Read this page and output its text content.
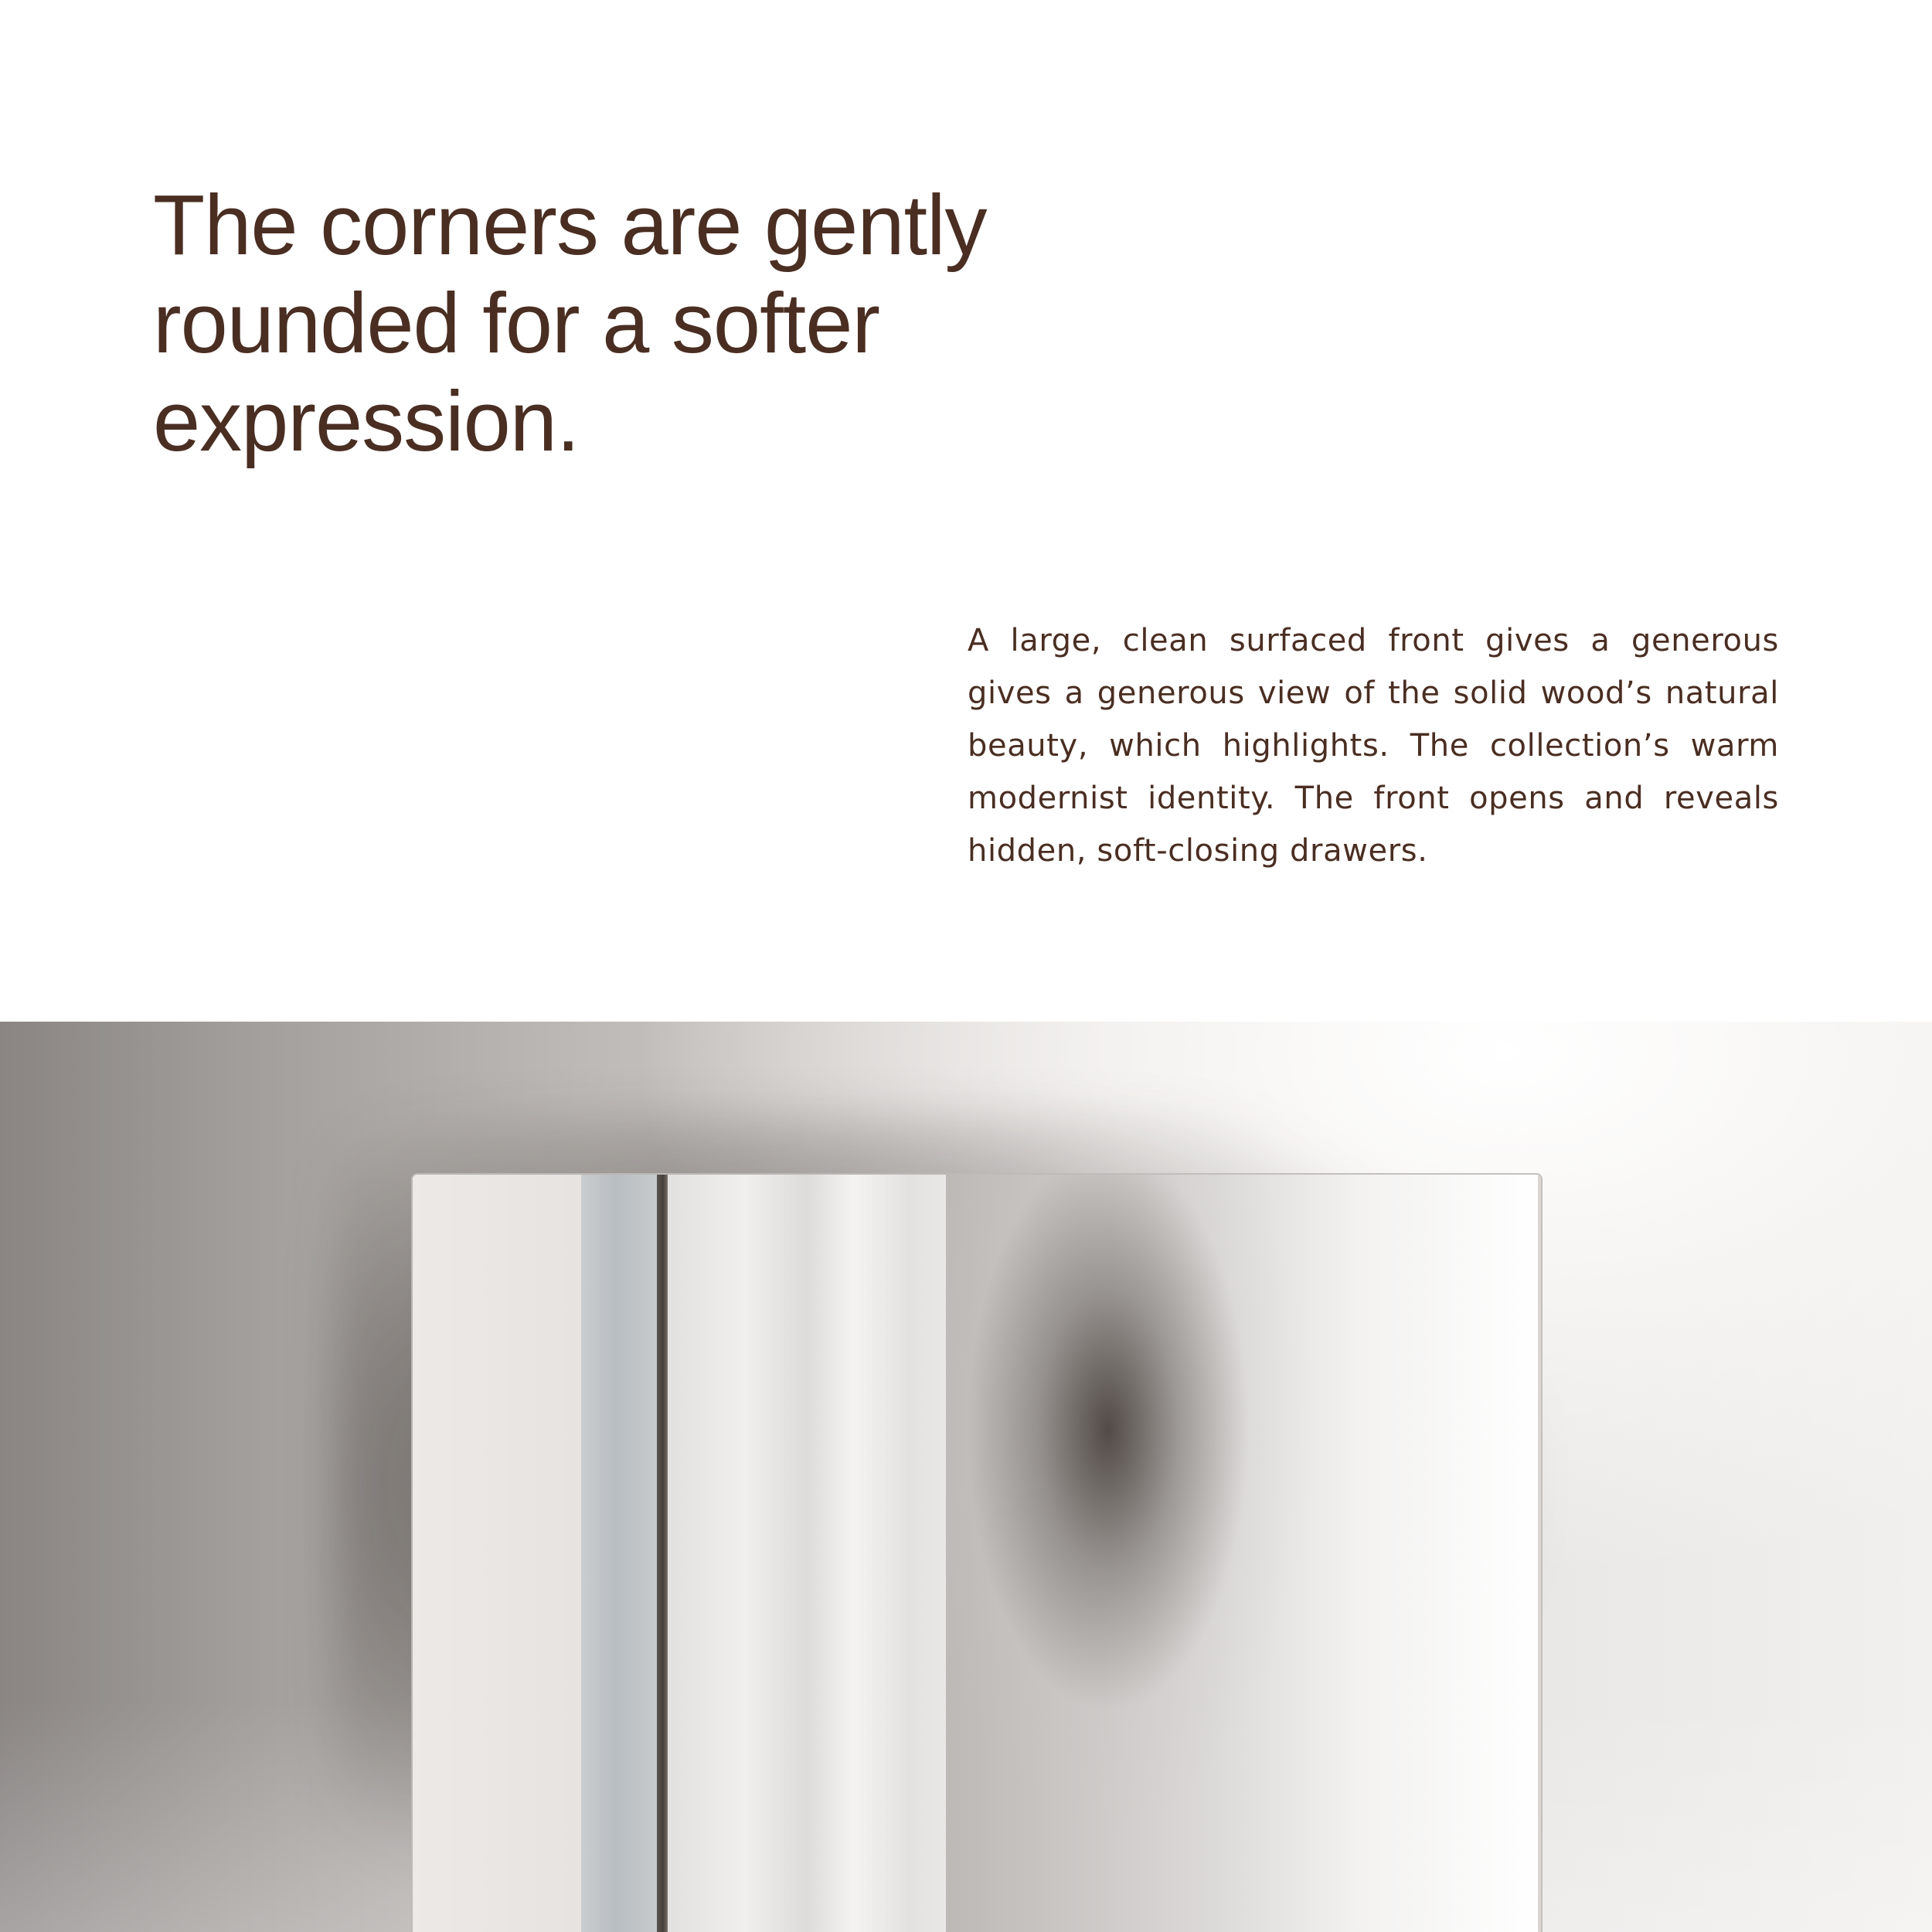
The corners are gently
rounded for a softer
expression.

A large, clean surfaced front gives a generous gives a generous view of the solid wood’s natural beauty, which highlights. The collection’s warm modernist identity. The front opens and reveals hidden, soft-closing drawers.
